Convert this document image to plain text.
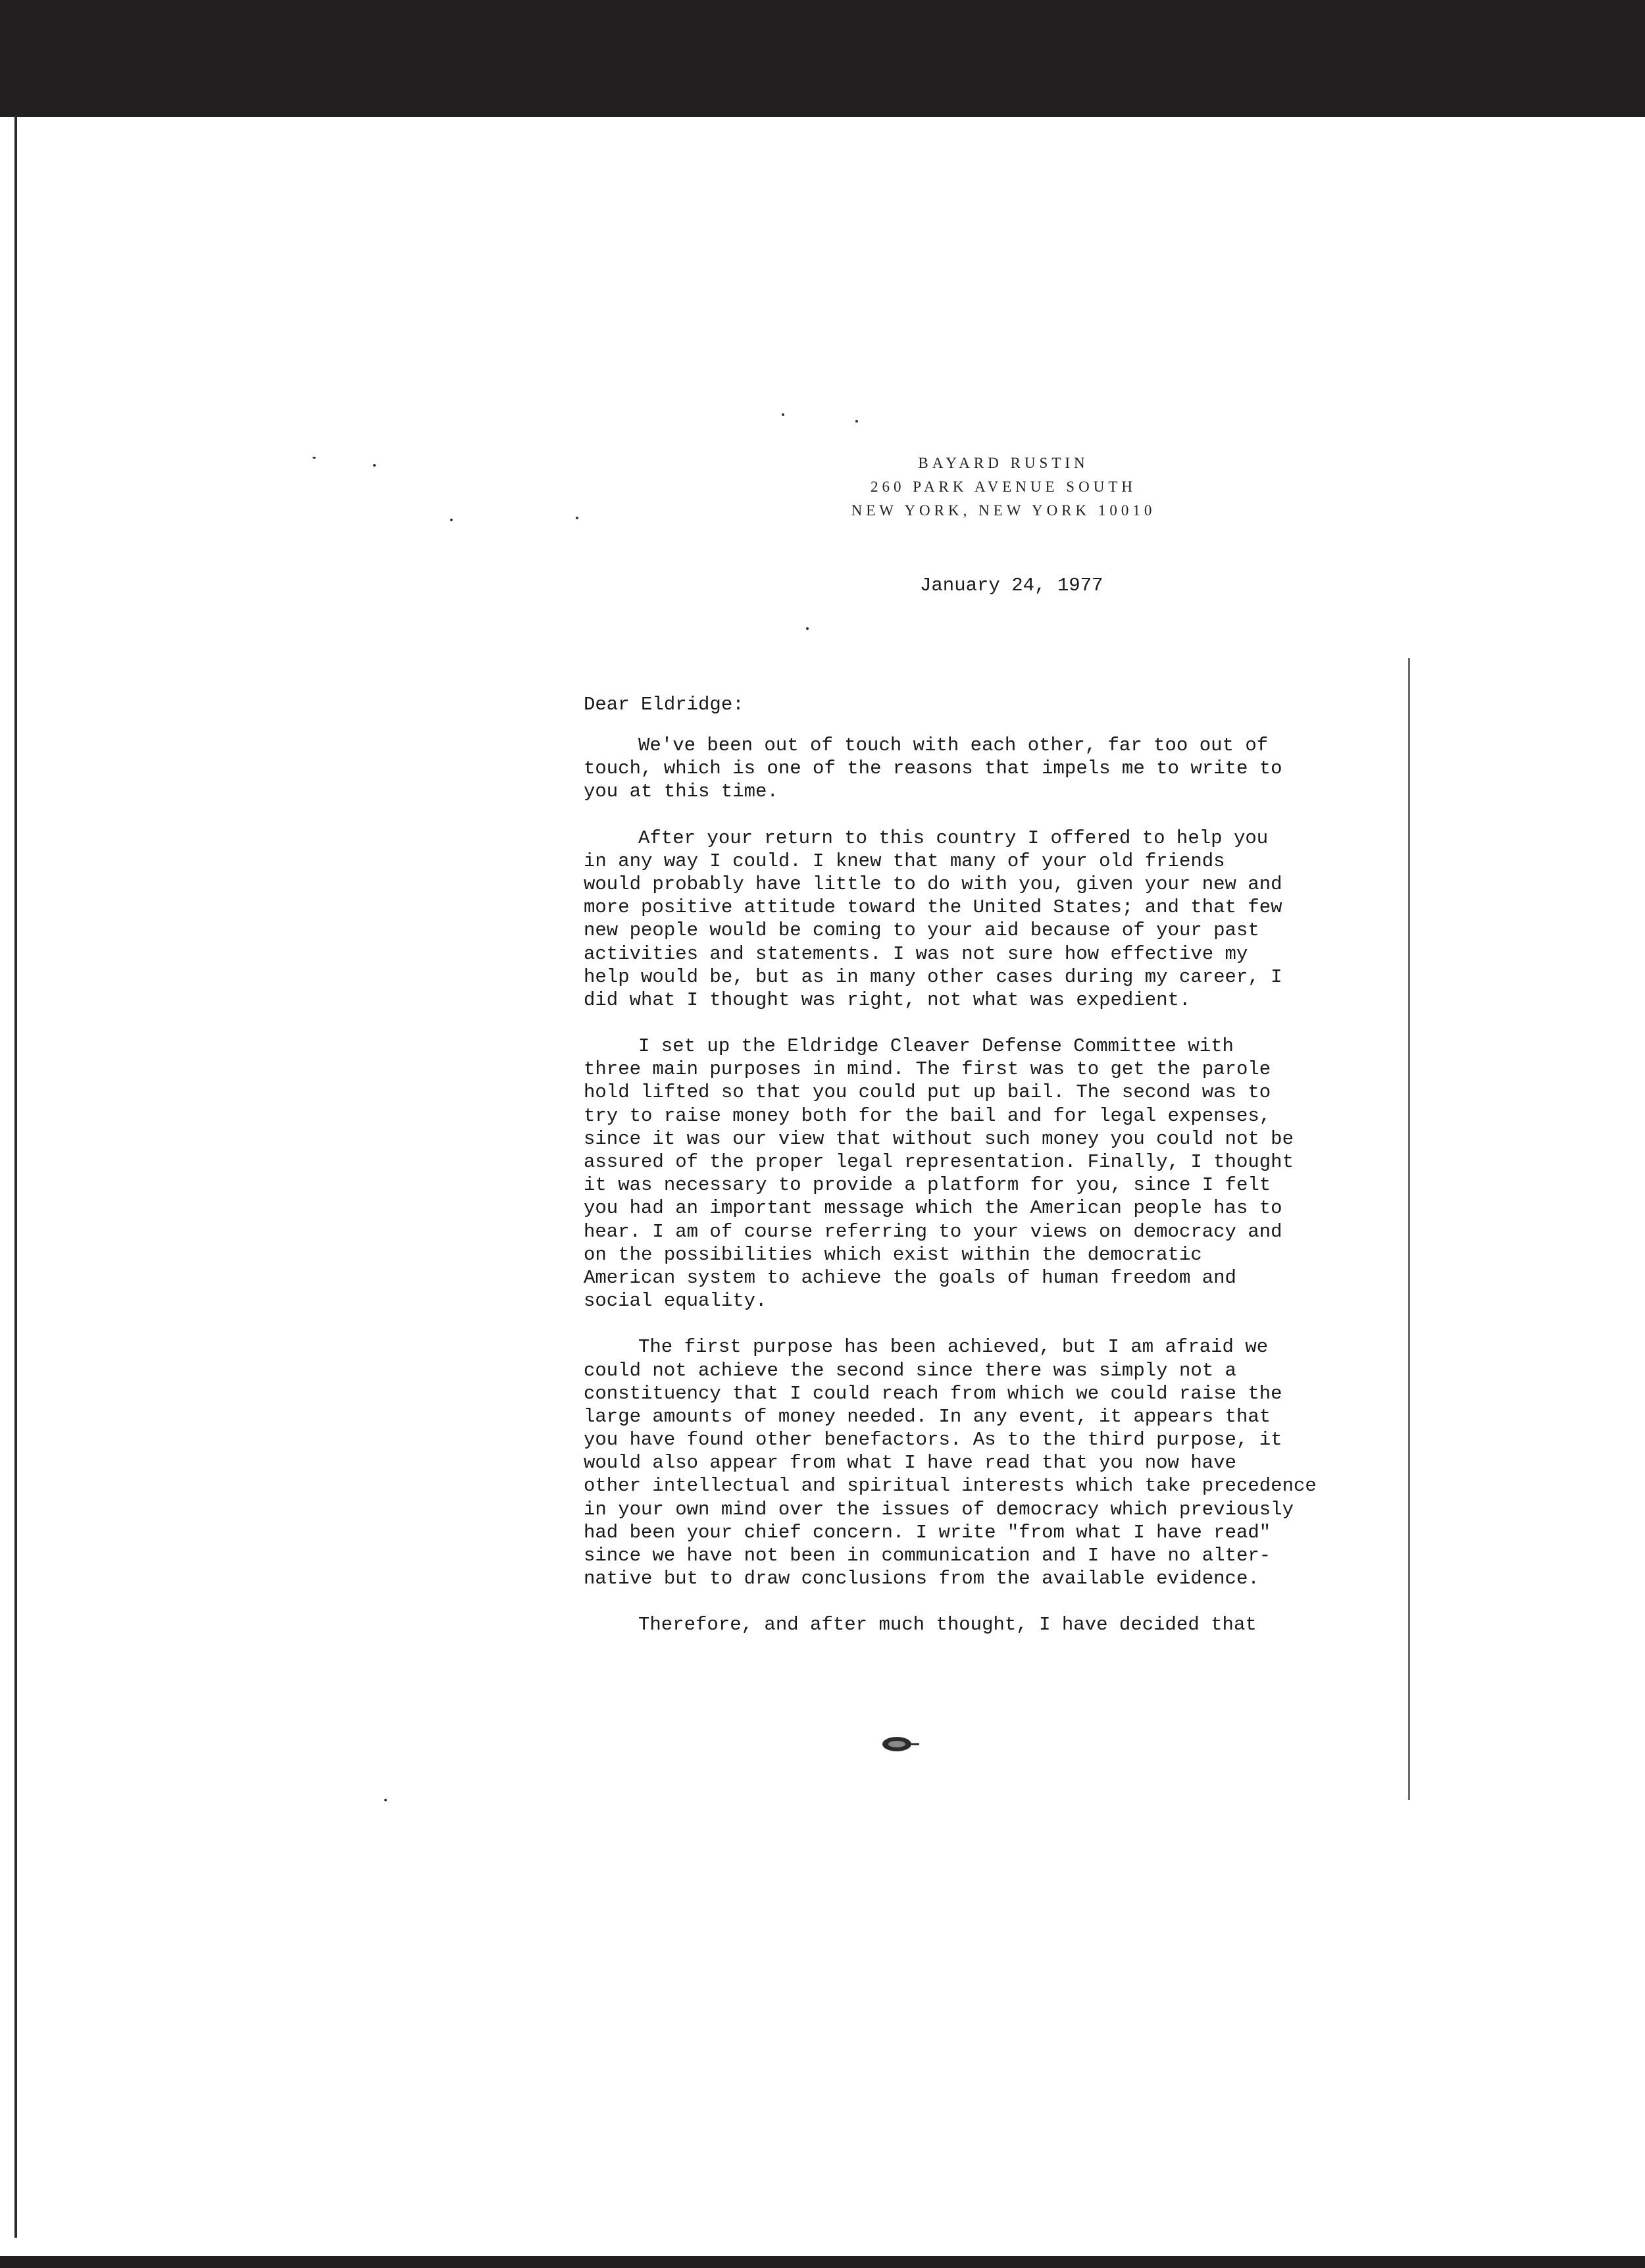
BAYARD RUSTIN
260 PARK AVENUE SOUTH
NEW YORK, NEW YORK 10010
January 24, 1977
Dear Eldridge:
We've been out of touch with each other, far too out of
touch, which is one of the reasons that impels me to write to
you at this time.
After your return to this country I offered to help you
in any way I could. I knew that many of your old friends
would probably have little to do with you, given your new and
more positive attitude toward the United States; and that few
new people would be coming to your aid because of your past
activities and statements. I was not sure how effective my
help would be, but as in many other cases during my career, I
did what I thought was right, not what was expedient.
I set up the Eldridge Cleaver Defense Committee with
three main purposes in mind. The first was to get the parole
hold lifted so that you could put up bail. The second was to
try to raise money both for the bail and for legal expenses,
since it was our view that without such money you could not be
assured of the proper legal representation. Finally, I thought
it was necessary to provide a platform for you, since I felt
you had an important message which the American people has to
hear. I am of course referring to your views on democracy and
on the possibilities which exist within the democratic
American system to achieve the goals of human freedom and
social equality.
The first purpose has been achieved, but I am afraid we
could not achieve the second since there was simply not a
constituency that I could reach from which we could raise the
large amounts of money needed. In any event, it appears that
you have found other benefactors. As to the third purpose, it
would also appear from what I have read that you now have
other intellectual and spiritual interests which take precedence
in your own mind over the issues of democracy which previously
had been your chief concern. I write "from what I have read"
since we have not been in communication and I have no alter-
native but to draw conclusions from the available evidence.
Therefore, and after much thought, I have decided that
